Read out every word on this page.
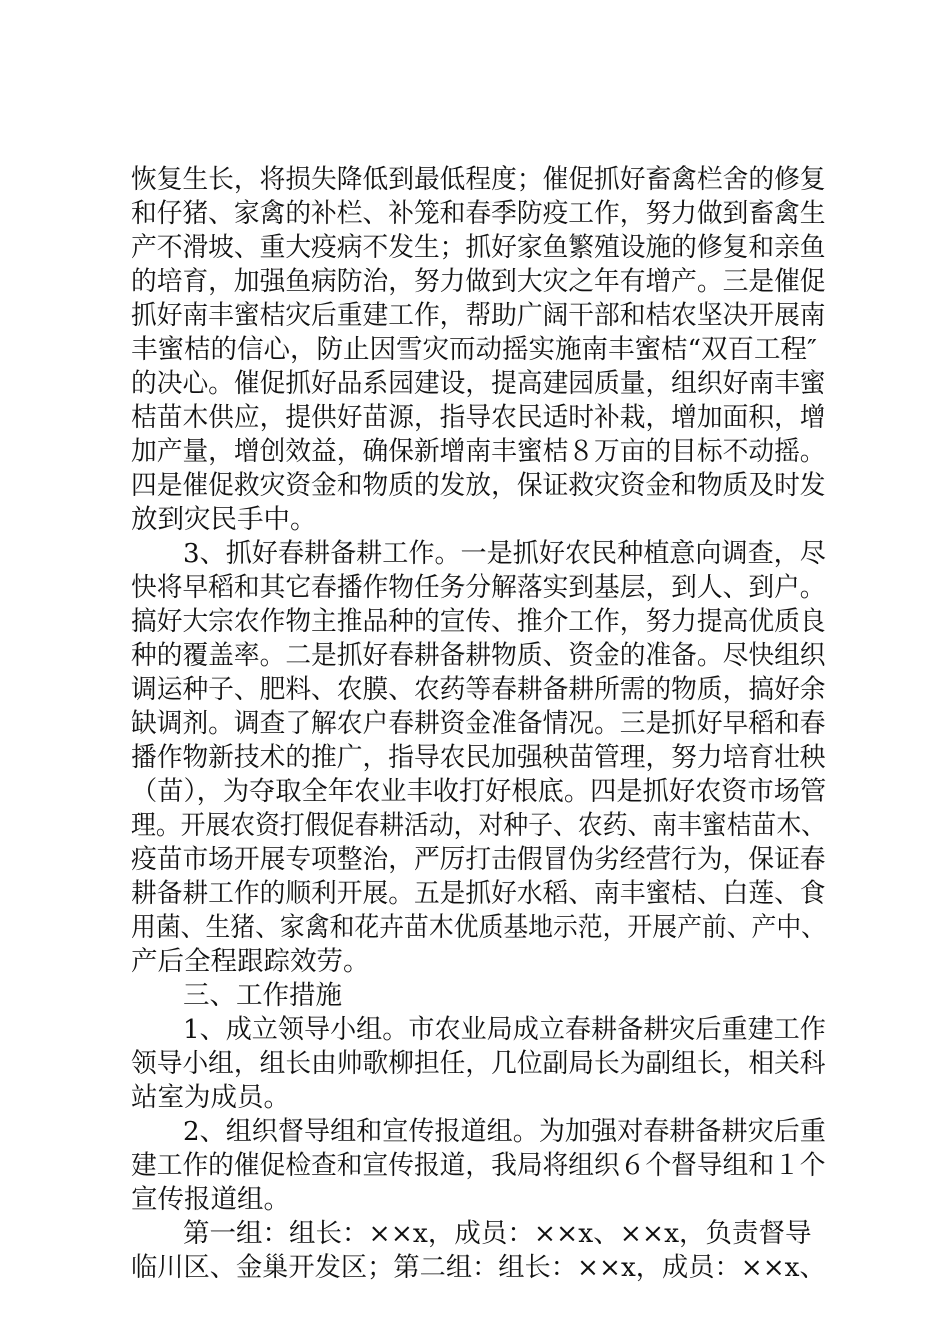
恢复生长，将损失降低到最低程度；催促抓好畜禽栏舍的修复
和仔猪、家禽的补栏、补笼和春季防疫工作，努力做到畜禽生
产不滑坡、重大疫病不发生；抓好家鱼繁殖设施的修复和亲鱼
的培育，加强鱼病防治，努力做到大灾之年有增产。三是催促
抓好南丰蜜桔灾后重建工作，帮助广阔干部和桔农坚决开展南
丰蜜桔的信心，防止因雪灾而动摇实施南丰蜜桔“双百工程″
的决心。催促抓好品系园建设，提高建园质量，组织好南丰蜜
桔苗木供应，提供好苗源，指导农民适时补栽，增加面积，增
加产量，增创效益，确保新增南丰蜜桔８万亩的目标不动摇。
四是催促救灾资金和物质的发放，保证救灾资金和物质及时发
放到灾民手中。
3、抓好春耕备耕工作。一是抓好农民种植意向调查，尽
快将早稻和其它春播作物任务分解落实到基层，到人、到户。
搞好大宗农作物主推品种的宣传、推介工作，努力提高优质良
种的覆盖率。二是抓好春耕备耕物质、资金的准备。尽快组织
调运种子、肥料、农膜、农药等春耕备耕所需的物质，搞好余
缺调剂。调查了解农户春耕资金准备情况。三是抓好早稻和春
播作物新技术的推广，指导农民加强秧苗管理，努力培育壮秧
（苗），为夺取全年农业丰收打好根底。四是抓好农资市场管
理。开展农资打假促春耕活动，对种子、农药、南丰蜜桔苗木、
疫苗市场开展专项整治，严厉打击假冒伪劣经营行为，保证春
耕备耕工作的顺利开展。五是抓好水稻、南丰蜜桔、白莲、食
用菌、生猪、家禽和花卉苗木优质基地示范，开展产前、产中、
产后全程跟踪效劳。
三、工作措施
1、成立领导小组。市农业局成立春耕备耕灾后重建工作
领导小组，组长由帅歌柳担任，几位副局长为副组长，相关科
站室为成员。
2、组织督导组和宣传报道组。为加强对春耕备耕灾后重
建工作的催促检查和宣传报道，我局将组织６个督导组和１个
宣传报道组。
第一组：组长：××x，成员：××x、××x，负责督导
临川区、金巢开发区；第二组：组长：××x，成员：××x、
